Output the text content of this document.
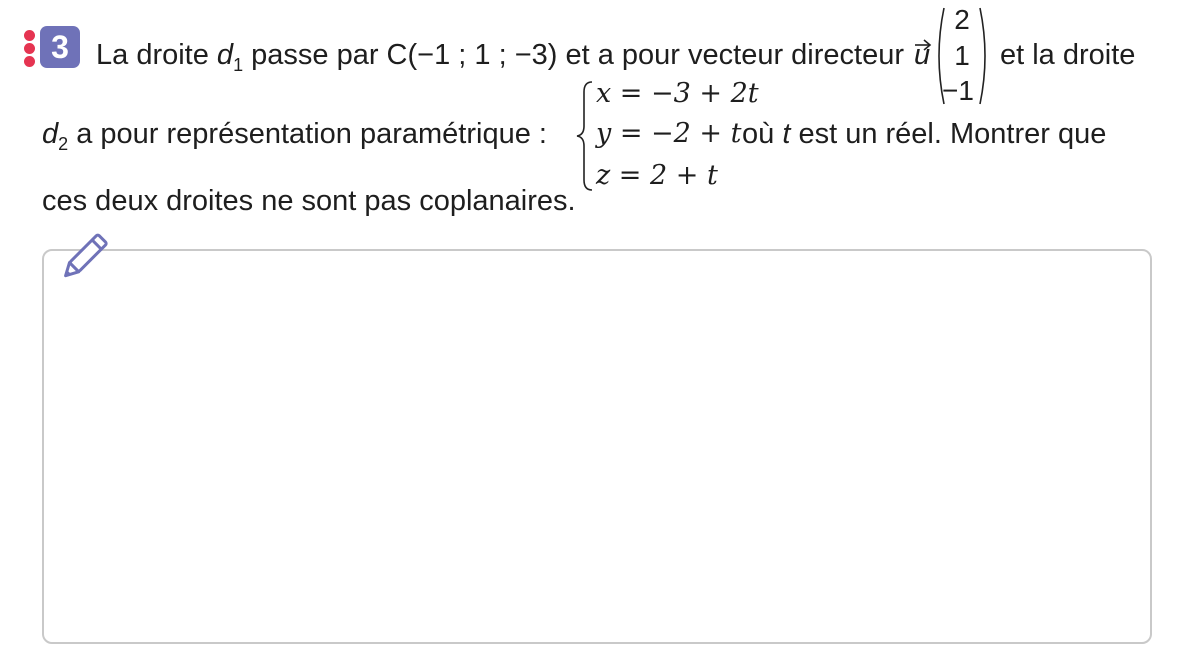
3 La droite $d_1$ passe par C(−1 ; 1 ; −3) et a pour vecteur directeur u
2
1
−1
et la droite
$d_2$ a pour représentation paramétrique :
x = −3 + 2t
y = −2 + t
z = 2 + t
où t est un réel. Montrer que
ces deux droites ne sont pas coplanaires.
